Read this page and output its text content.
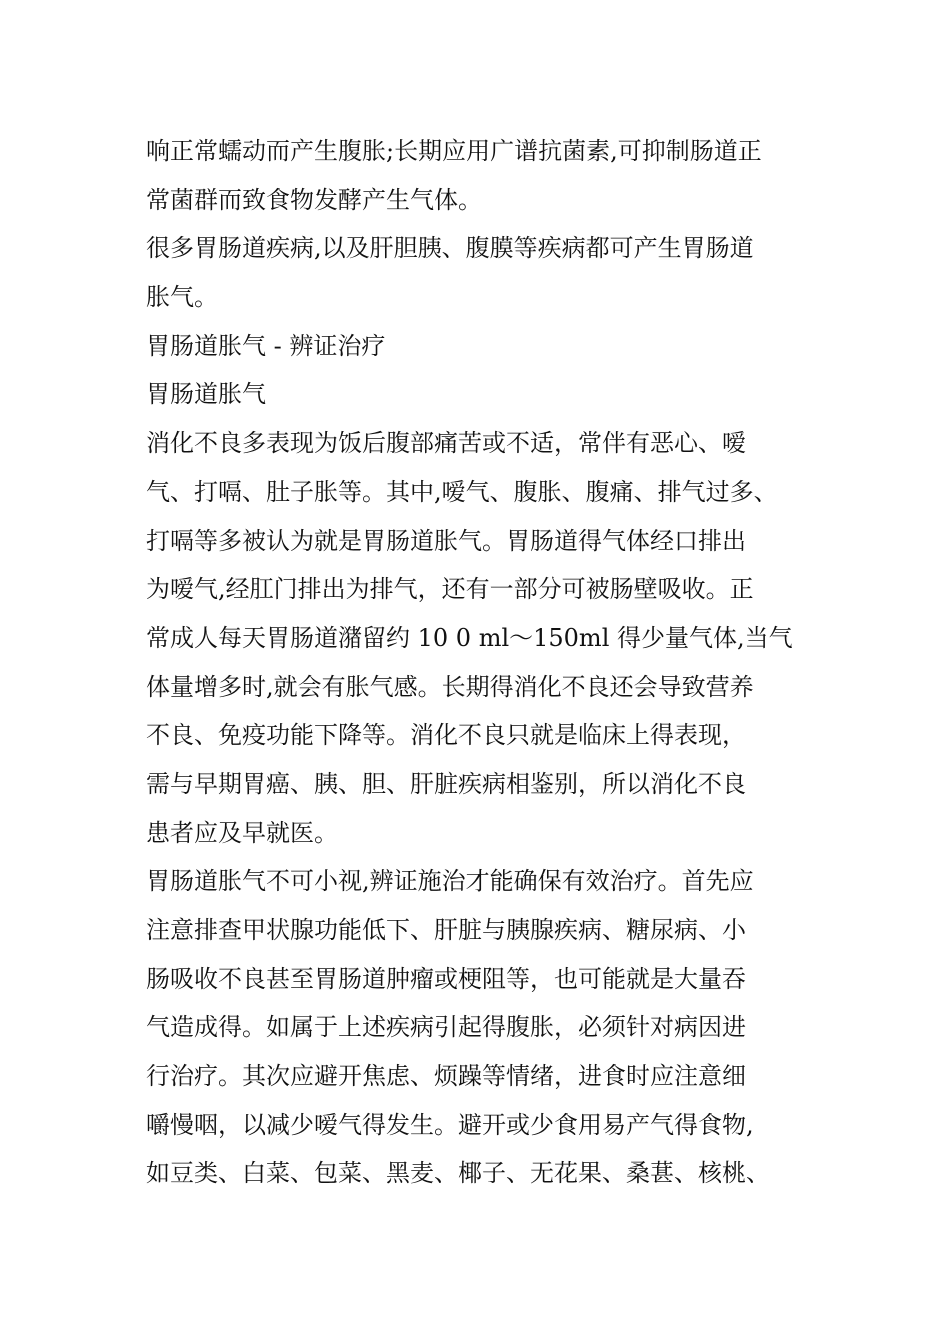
响正常蠕动而产生腹胀;长期应用广谱抗菌素,可抑制肠道正
常菌群而致食物发酵产生气体。
很多胃肠道疾病,以及肝胆胰、腹膜等疾病都可产生胃肠道
胀气。
胃肠道胀气 - 辨证治疗
胃肠道胀气
消化不良多表现为饭后腹部痛苦或不适，常伴有恶心、嗳
气、打嗝、肚子胀等。其中,嗳气、腹胀、腹痛、排气过多、
打嗝等多被认为就是胃肠道胀气。胃肠道得气体经口排出
为嗳气,经肛门排出为排气，还有一部分可被肠壁吸收。正
常成人每天胃肠道潴留约 10 0 ml～150ml 得少量气体,当气
体量增多时,就会有胀气感。长期得消化不良还会导致营养
不良、免疫功能下降等。消化不良只就是临床上得表现，
需与早期胃癌、胰、胆、肝脏疾病相鉴别，所以消化不良
患者应及早就医。
胃肠道胀气不可小视,辨证施治才能确保有效治疗。首先应
注意排查甲状腺功能低下、肝脏与胰腺疾病、糖尿病、小
肠吸收不良甚至胃肠道肿瘤或梗阻等，也可能就是大量吞
气造成得。如属于上述疾病引起得腹胀，必须针对病因进
行治疗。其次应避开焦虑、烦躁等情绪，进食时应注意细
嚼慢咽，以减少嗳气得发生。避开或少食用易产气得食物,
如豆类、白菜、包菜、黑麦、椰子、无花果、桑葚、核桃、
